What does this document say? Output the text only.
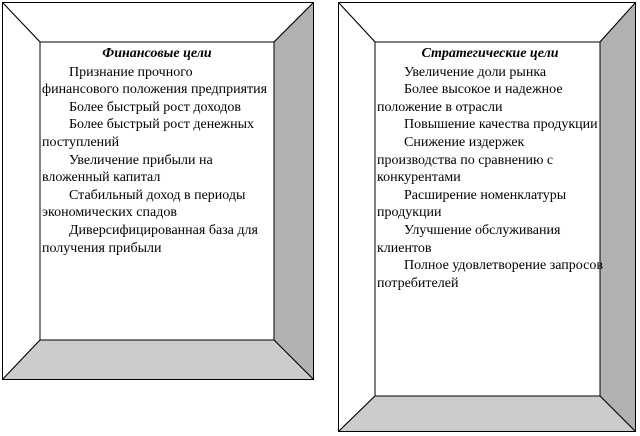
Финансовые цели
Признание прочного финансового положения предприятия
Более быстрый рост доходов
Более быстрый рост денежных поступлений
Увеличение прибыли на вложенный капитал
Стабильный доход в периоды экономических спадов
Диверсифицированная база для получения прибыли
Стратегические цели
Увеличение доли рынка
Более высокое и надежное положение в отрасли
Повышение качества продукции
Снижение издержек производства по сравнению с конкурентами
Расширение номенклатуры продукции
Улучшение обслуживания клиентов
Полное удовлетворение запросов потребителей
